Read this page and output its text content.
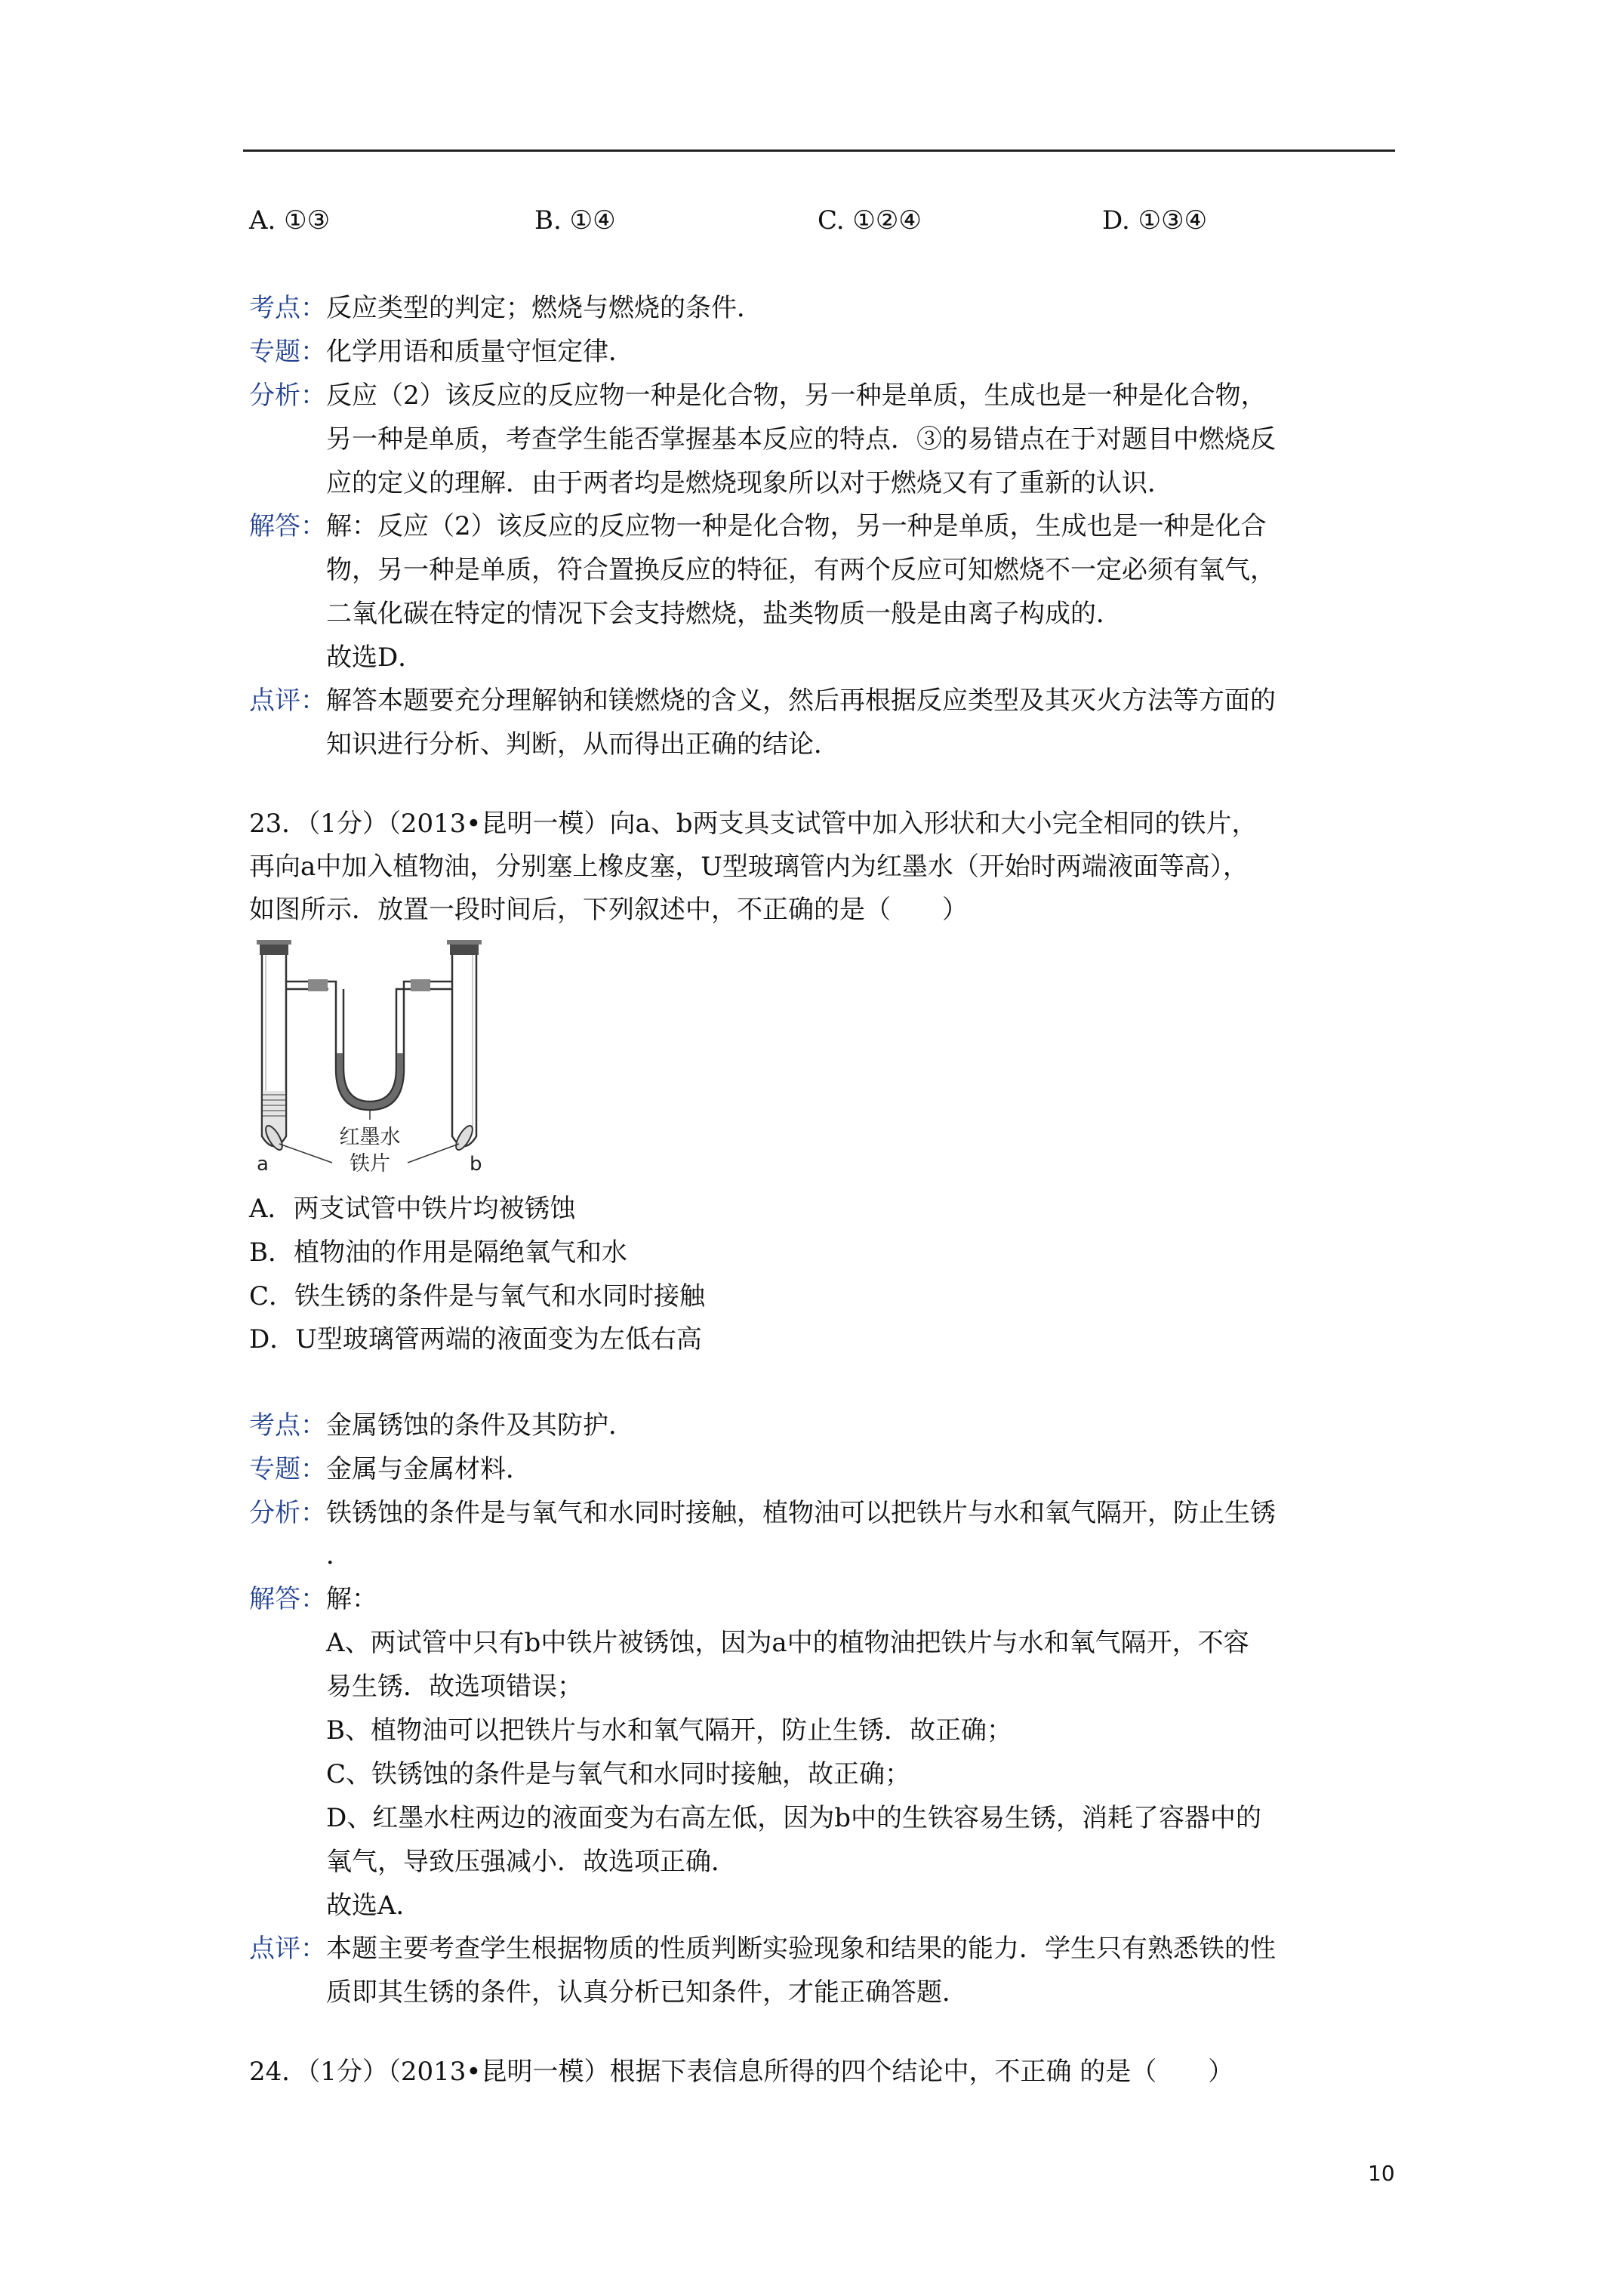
A. ①③	B. ①④	C. ①②④	D. ①③④
考点： 反应类型的判定；燃烧与燃烧的条件．
专题： 化学用语和质量守恒定律．
分析： 反应（2）该反应的反应物一种是化合物，另一种是单质，生成也是一种是化合物，
另一种是单质，考查学生能否掌握基本反应的特点．③的易错点在于对题目中燃烧反
应的定义的理解．由于两者均是燃烧现象所以对于燃烧又有了重新的认识．
解答： 解：反应（2）该反应的反应物一种是化合物，另一种是单质，生成也是一种是化合
物，另一种是单质，符合置换反应的特征，有两个反应可知燃烧不一定必须有氧气，
二氧化碳在特定的情况下会支持燃烧，盐类物质一般是由离子构成的．
故选D．
点评： 解答本题要充分理解钠和镁燃烧的含义，然后再根据反应类型及其灭火方法等方面的
知识进行分析、判断，从而得出正确的结论．
23．（1分）（2013•昆明一模）向a、b两支具支试管中加入形状和大小完全相同的铁片，
再向a中加入植物油，分别塞上橡皮塞，U型玻璃管内为红墨水（开始时两端液面等高），
如图所示．放置一段时间后，下列叙述中，不正确的是（　　）
红墨水
铁片
a	b
A．两支试管中铁片均被锈蚀
B．植物油的作用是隔绝氧气和水
C．铁生锈的条件是与氧气和水同时接触
D．U型玻璃管两端的液面变为左低右高
考点： 金属锈蚀的条件及其防护．
专题： 金属与金属材料．
分析： 铁锈蚀的条件是与氧气和水同时接触，植物油可以把铁片与水和氧气隔开，防止生锈
．
解答： 解：
A、两试管中只有b中铁片被锈蚀，因为a中的植物油把铁片与水和氧气隔开，不容
易生锈．故选项错误；
B、植物油可以把铁片与水和氧气隔开，防止生锈．故正确；
C、铁锈蚀的条件是与氧气和水同时接触，故正确；
D、红墨水柱两边的液面变为右高左低，因为b中的生铁容易生锈，消耗了容器中的
氧气，导致压强减小．故选项正确．
故选A．
点评： 本题主要考查学生根据物质的性质判断实验现象和结果的能力．学生只有熟悉铁的性
质即其生锈的条件，认真分析已知条件，才能正确答题．
24．（1分）（2013•昆明一模）根据下表信息所得的四个结论中，不正确 的是（　　）
10
